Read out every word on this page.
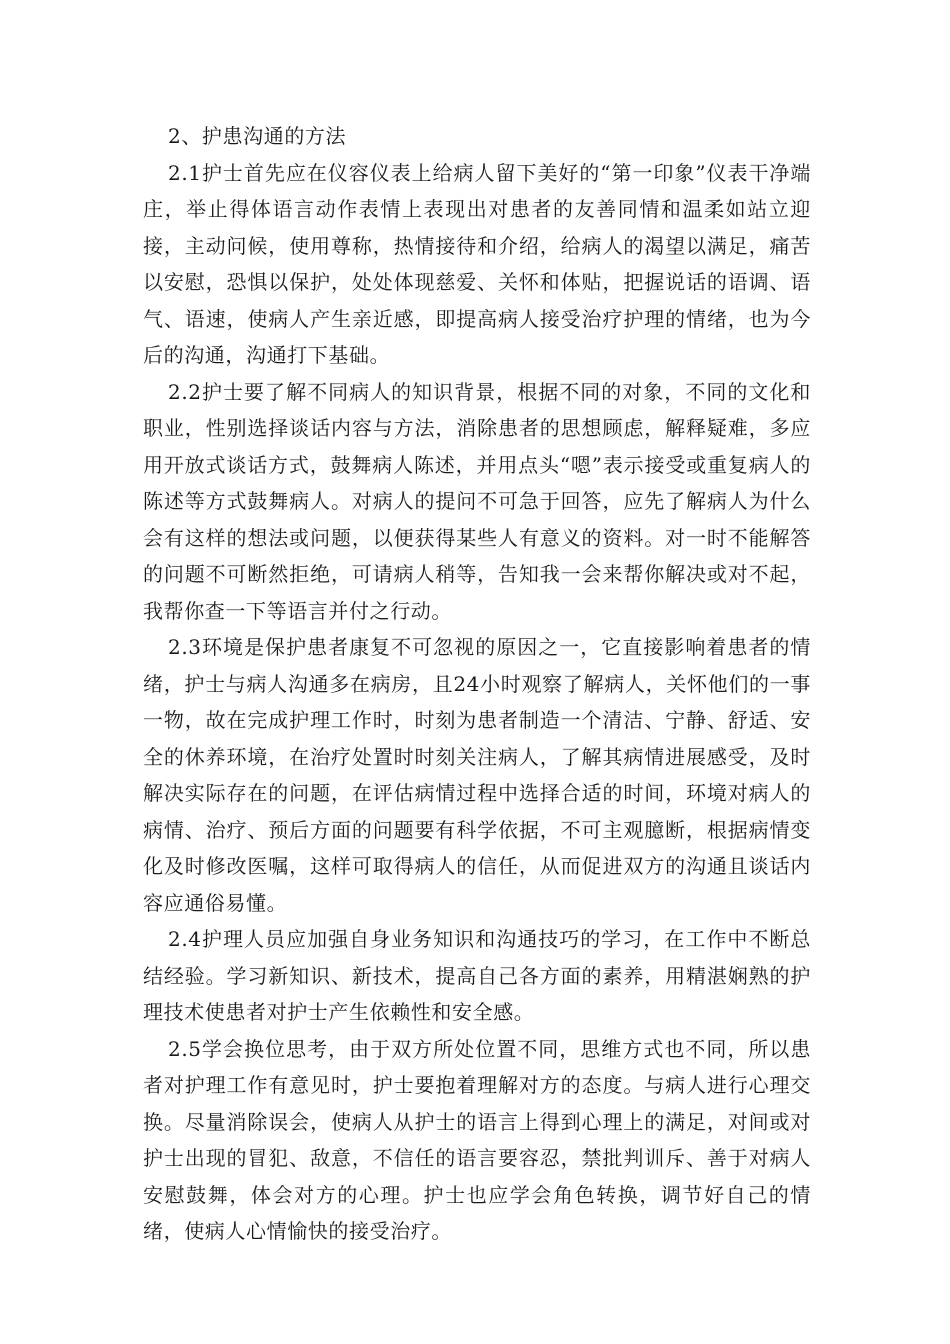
2、护患沟通的方法

2.1护士首先应在仪容仪表上给病人留下美好的“第一印象”仪表干净端庄，举止得体语言动作表情上表现出对患者的友善同情和温柔如站立迎接，主动问候，使用尊称，热情接待和介绍，给病人的渴望以满足，痛苦以安慰，恐惧以保护，处处体现慈爱、关怀和体贴，把握说话的语调、语气、语速，使病人产生亲近感，即提高病人接受治疗护理的情绪，也为今后的沟通，沟通打下基础。

2.2护士要了解不同病人的知识背景，根据不同的对象，不同的文化和职业，性别选择谈话内容与方法，消除患者的思想顾虑，解释疑难，多应用开放式谈话方式，鼓舞病人陈述，并用点头“嗯”表示接受或重复病人的陈述等方式鼓舞病人。对病人的提问不可急于回答，应先了解病人为什么会有这样的想法或问题，以便获得某些人有意义的资料。对一时不能解答的问题不可断然拒绝，可请病人稍等，告知我一会来帮你解决或对不起，我帮你查一下等语言并付之行动。

2.3环境是保护患者康复不可忽视的原因之一，它直接影响着患者的情绪，护士与病人沟通多在病房，且24小时观察了解病人，关怀他们的一事一物，故在完成护理工作时，时刻为患者制造一个清洁、宁静、舒适、安全的休养环境，在治疗处置时时刻关注病人，了解其病情进展感受，及时解决实际存在的问题，在评估病情过程中选择合适的时间，环境对病人的病情、治疗、预后方面的问题要有科学依据，不可主观臆断，根据病情变化及时修改医嘱，这样可取得病人的信任，从而促进双方的沟通且谈话内容应通俗易懂。

2.4护理人员应加强自身业务知识和沟通技巧的学习，在工作中不断总结经验。学习新知识、新技术，提高自己各方面的素养，用精湛娴熟的护理技术使患者对护士产生依赖性和安全感。

2.5学会换位思考，由于双方所处位置不同，思维方式也不同，所以患者对护理工作有意见时，护士要抱着理解对方的态度。与病人进行心理交换。尽量消除误会，使病人从护士的语言上得到心理上的满足，对间或对护士出现的冒犯、敌意，不信任的语言要容忍，禁批判训斥、善于对病人安慰鼓舞，体会对方的心理。护士也应学会角色转换，调节好自己的情绪，使病人心情愉快的接受治疗。
